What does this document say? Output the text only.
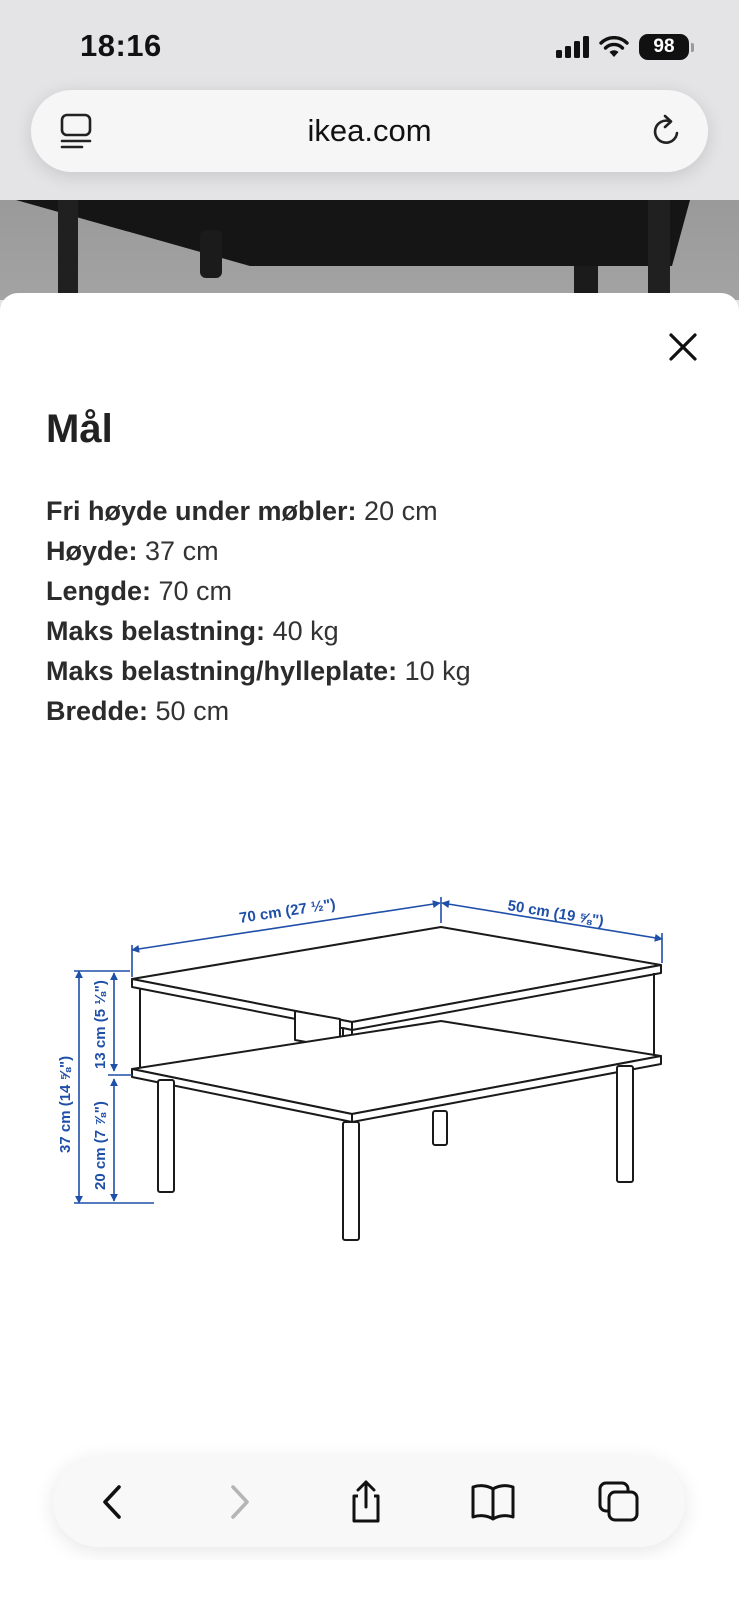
18:16	98
ikea.com
Mål
Fri høyde under møbler: 20 cm
Høyde: 37 cm
Lengde: 70 cm
Maks belastning: 40 kg
Maks belastning/hylleplate: 10 kg
Bredde: 50 cm
70 cm (27 ½")	50 cm (19 ⅝")
37 cm (14 ⅝")
13 cm (5 ⅛")
20 cm (7 ⅞")
